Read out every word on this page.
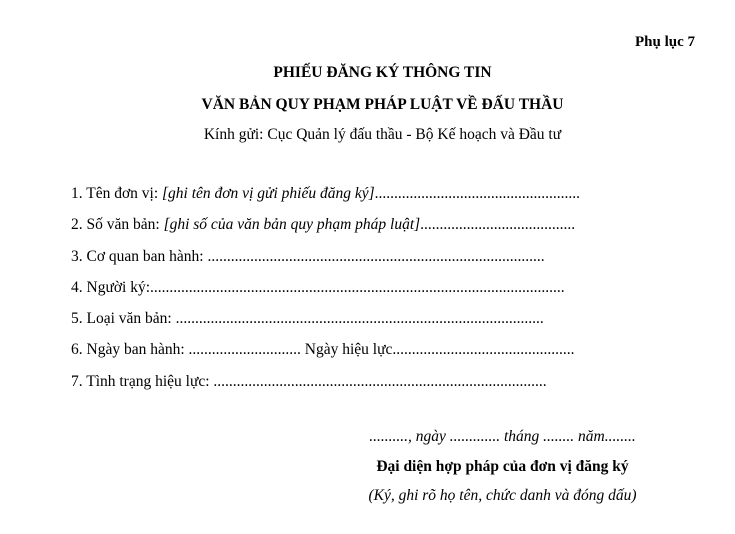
Phụ lục 7
PHIẾU ĐĂNG KÝ THÔNG TIN
VĂN BẢN QUY PHẠM PHÁP LUẬT VỀ ĐẤU THẦU
Kính gửi: Cục Quản lý đấu thầu - Bộ Kế hoạch và Đầu tư
1. Tên đơn vị: [ghi tên đơn vị gửi phiếu đăng ký].....................................................
2. Số văn bản: [ghi số của văn bản quy phạm pháp luật]........................................
3. Cơ quan ban hành: .......................................................................................
4. Người ký:...........................................................................................................
5. Loại văn bản: ...............................................................................................
6. Ngày ban hành: ............................. Ngày hiệu lực...............................................
7. Tình trạng hiệu lực: ......................................................................................
.........., ngày ............. tháng ........ năm........
Đại diện hợp pháp của đơn vị đăng ký
(Ký, ghi rõ họ tên, chức danh và đóng dấu)
